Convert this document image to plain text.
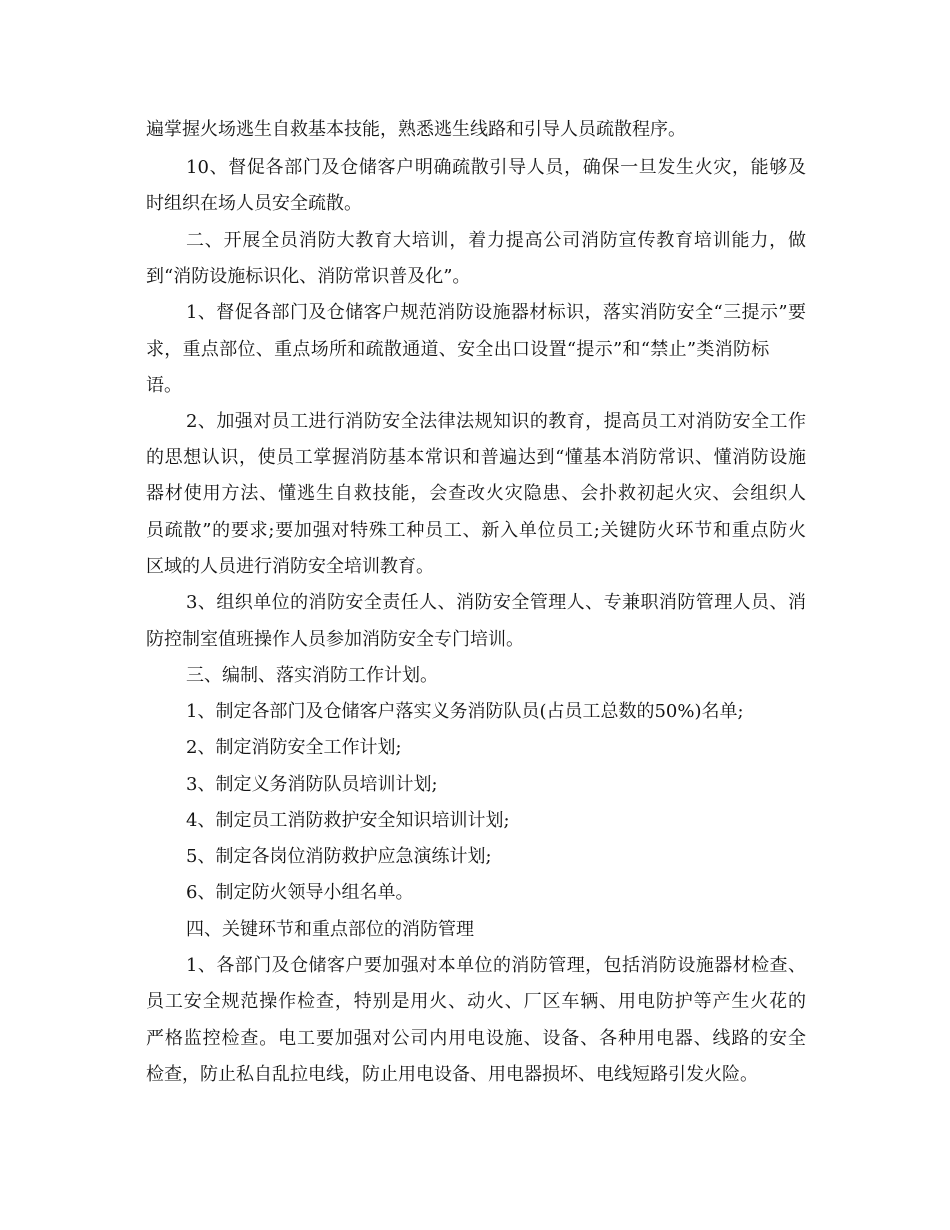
遍掌握火场逃生自救基本技能，熟悉逃生线路和引导人员疏散程序。
10、督促各部门及仓储客户明确疏散引导人员，确保一旦发生火灾，能够及
时组织在场人员安全疏散。
二、开展全员消防大教育大培训，着力提高公司消防宣传教育培训能力，做
到“消防设施标识化、消防常识普及化”。
1、督促各部门及仓储客户规范消防设施器材标识，落实消防安全“三提示”要
求，重点部位、重点场所和疏散通道、安全出口设置“提示”和“禁止”类消防标
语。
2、加强对员工进行消防安全法律法规知识的教育，提高员工对消防安全工作
的思想认识，使员工掌握消防基本常识和普遍达到“懂基本消防常识、懂消防设施
器材使用方法、懂逃生自救技能，会查改火灾隐患、会扑救初起火灾、会组织人
员疏散”的要求;要加强对特殊工种员工、新入单位员工;关键防火环节和重点防火
区域的人员进行消防安全培训教育。
3、组织单位的消防安全责任人、消防安全管理人、专兼职消防管理人员、消
防控制室值班操作人员参加消防安全专门培训。
三、编制、落实消防工作计划。
1、制定各部门及仓储客户落实义务消防队员(占员工总数的50%)名单;
2、制定消防安全工作计划;
3、制定义务消防队员培训计划;
4、制定员工消防救护安全知识培训计划;
5、制定各岗位消防救护应急演练计划;
6、制定防火领导小组名单。
四、关键环节和重点部位的消防管理
1、各部门及仓储客户要加强对本单位的消防管理，包括消防设施器材检查、
员工安全规范操作检查，特别是用火、动火、厂区车辆、用电防护等产生火花的
严格监控检查。电工要加强对公司内用电设施、设备、各种用电器、线路的安全
检查，防止私自乱拉电线，防止用电设备、用电器损坏、电线短路引发火险。
